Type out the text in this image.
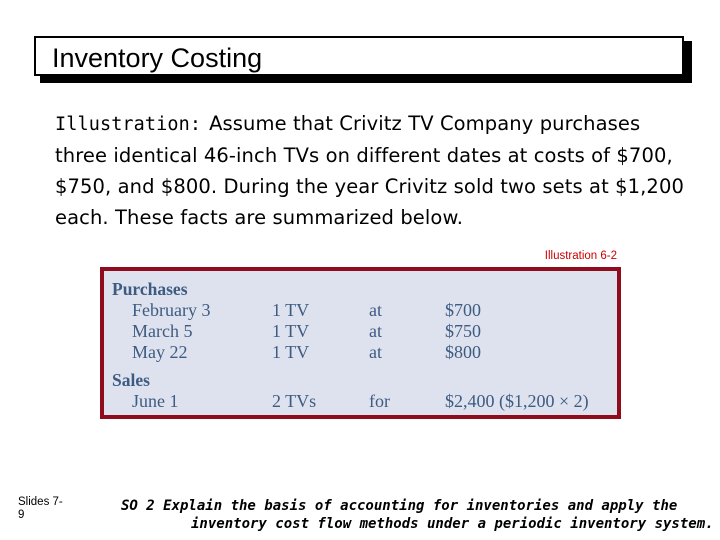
Inventory Costing
Illustration: Assume that Crivitz TV Company purchases three identical 46-inch TVs on different dates at costs of $700, $750, and $800. During the year Crivitz sold two sets at $1,200 each. These facts are summarized below.
Illustration 6-2
Purchases
February 3	1 TV	at	$700
March 5	1 TV	at	$750
May 22	1 TV	at	$800
Sales
June 1	2 TVs	for	$2,400 ($1,200 × 2)
Slides 7-
9
SO 2 Explain the basis of accounting for inventories and apply the
inventory cost flow methods under a periodic inventory system.
